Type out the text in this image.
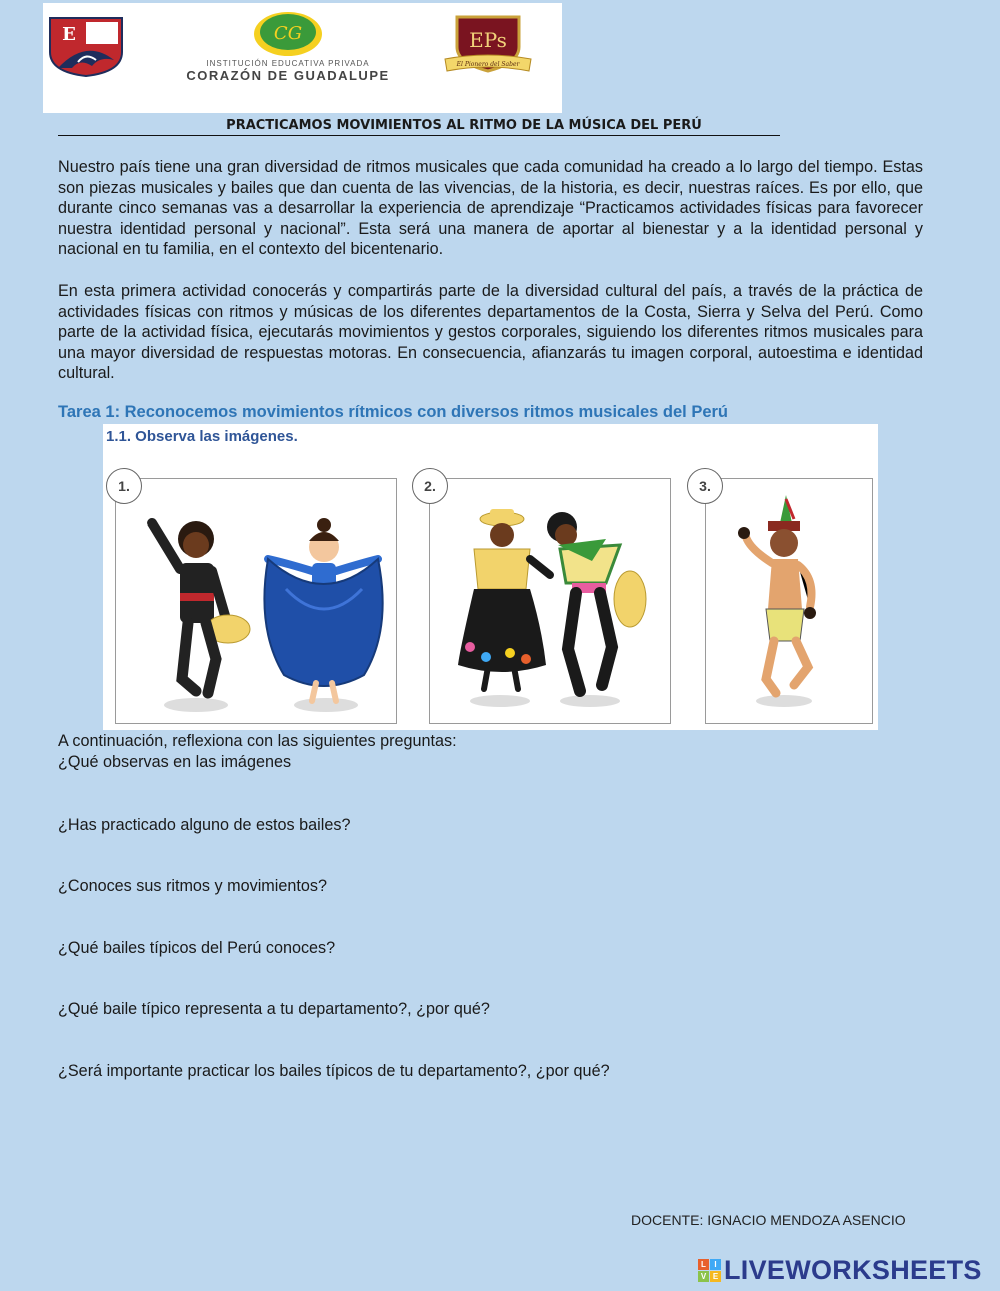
E	CG
INSTITUCIÓN EDUCATIVA PRIVADA
CORAZÓN DE GUADALUPE
EPs
El Pionero del Saber
PRACTICAMOS MOVIMIENTOS AL RITMO DE LA MÚSICA DEL PERÚ

Nuestro país tiene una gran diversidad de ritmos musicales que cada comunidad ha creado a lo largo del tiempo. Estas son piezas musicales y bailes que dan cuenta de las vivencias, de la historia, es decir, nuestras raíces. Es por ello, que durante cinco semanas vas a desarrollar la experiencia de aprendizaje “Practicamos actividades físicas para favorecer nuestra identidad personal y nacional”. Esta será una manera de aportar al bienestar y a la identidad personal y nacional en tu familia, en el contexto del bicentenario.

En esta primera actividad conocerás y compartirás parte de la diversidad cultural del país, a través de la práctica de actividades físicas con ritmos y músicas de los diferentes departamentos de la Costa, Sierra y Selva del Perú. Como parte de la actividad física, ejecutarás movimientos y gestos corporales, siguiendo los diferentes ritmos musicales para una mayor diversidad de respuestas motoras. En consecuencia, afianzarás tu imagen corporal, autoestima e identidad cultural.

Tarea 1: Reconocemos movimientos rítmicos con diversos ritmos musicales del Perú
1.1. Observa las imágenes.
1.	2.	3.
A continuación, reflexiona con las siguientes preguntas:
¿Qué observas en las imágenes
¿Has practicado alguno de estos bailes?
¿Conoces sus ritmos y movimientos?
¿Qué bailes típicos del Perú conoces?
¿Qué baile típico representa a tu departamento?, ¿por qué?
¿Será importante practicar los bailes típicos de tu departamento?, ¿por qué?
DOCENTE: IGNACIO MENDOZA ASENCIO
L	I
V E LIVEWORKSHEETS
